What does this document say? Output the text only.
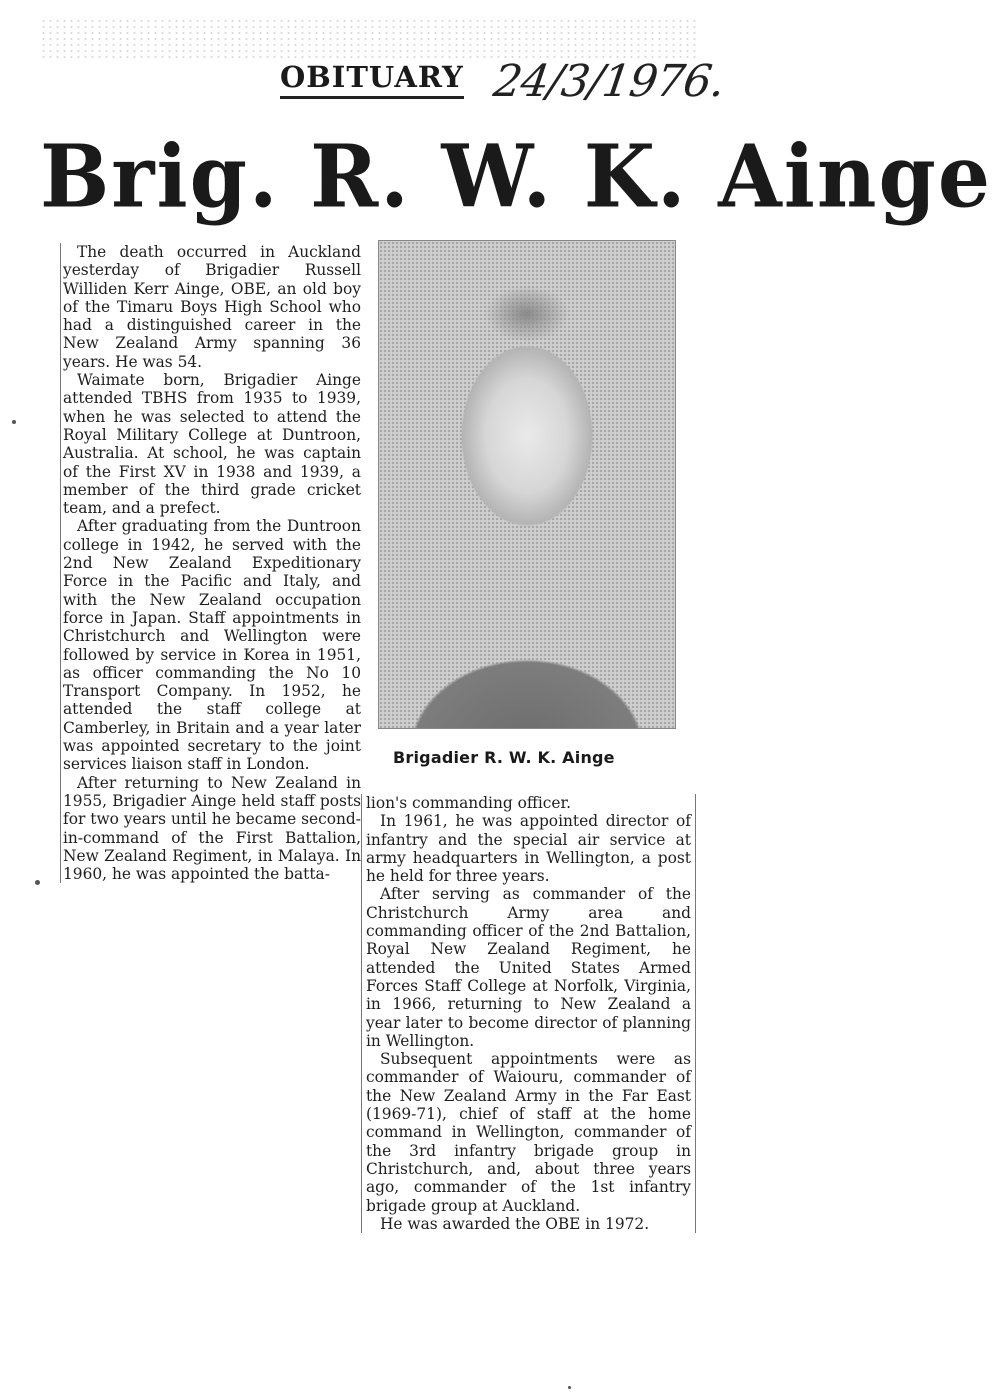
OBITUARY 24/3/1976.
Brig. R. W. K. Ainge

The death occurred in Auckland yesterday of Brigadier Russell Williden Kerr Ainge, OBE, an old boy of the Timaru Boys High School who had a distinguished career in the New Zealand Army spanning 36 years. He was 54.

Waimate born, Brigadier Ainge attended TBHS from 1935 to 1939, when he was selected to attend the Royal Military College at Duntroon, Australia. At school, he was captain of the First XV in 1938 and 1939, a member of the third grade cricket team, and a prefect.

After graduating from the Duntroon college in 1942, he served with the 2nd New Zealand Expeditionary Force in the Pacific and Italy, and with the New Zealand occupation force in Japan. Staff appointments in Christchurch and Wellington were followed by service in Korea in 1951, as officer commanding the No 10 Transport Company. In 1952, he attended the staff college at Camberley, in Britain and a year later was appointed secretary to the joint services liaison staff in London.

After returning to New Zealand in 1955, Brigadier Ainge held staff posts for two years until he became second-in-command of the First Battalion, New Zealand Regiment, in Malaya. In 1960, he was appointed the batta-

Brigadier R. W. K. Ainge

lion's commanding officer.

In 1961, he was appointed director of infantry and the special air service at army headquarters in Wellington, a post he held for three years.

After serving as commander of the Christchurch Army area and commanding officer of the 2nd Battalion, Royal New Zealand Regiment, he attended the United States Armed Forces Staff College at Norfolk, Virginia, in 1966, returning to New Zealand a year later to become director of planning in Wellington.

Subsequent appointments were as commander of Waiouru, commander of the New Zealand Army in the Far East (1969-71), chief of staff at the home command in Wellington, commander of the 3rd infantry brigade group in Christchurch, and, about three years ago, commander of the 1st infantry brigade group at Auckland.

He was awarded the OBE in 1972.
